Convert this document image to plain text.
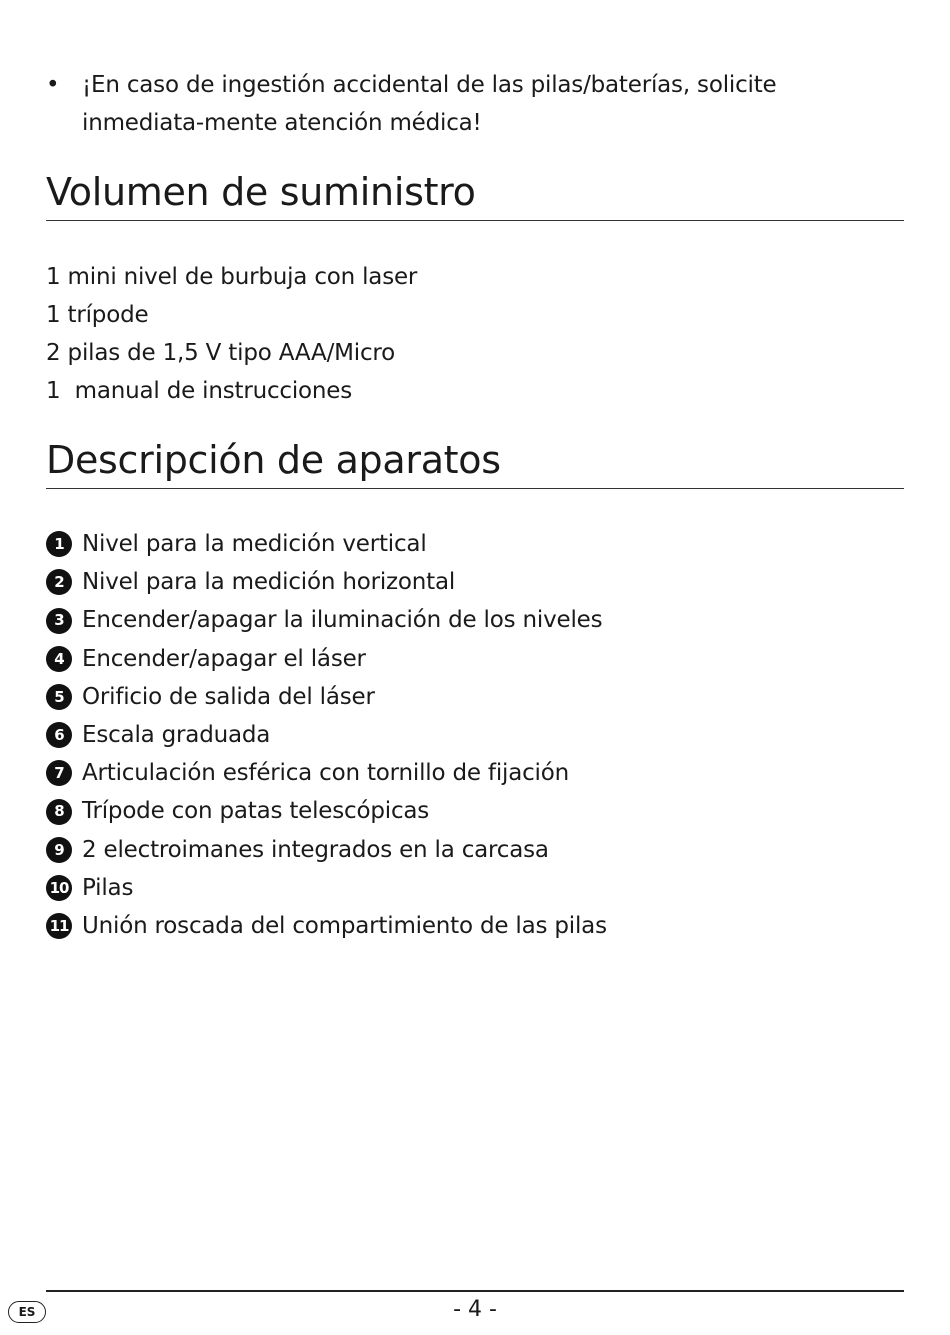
• ¡En caso de ingestión accidental de las pilas/baterías, solicite inmediata-mente atención médica!
Volumen de suministro
1 mini nivel de burbuja con laser
1 trípode
2 pilas de 1,5 V tipo AAA/Micro
1  manual de instrucciones
Descripción de aparatos
1 Nivel para la medición vertical
2 Nivel para la medición horizontal
3 Encender/apagar la iluminación de los niveles
4 Encender/apagar el láser
5 Orificio de salida del láser
6 Escala graduada
7 Articulación esférica con tornillo de fijación
8 Trípode con patas telescópicas
9 2 electroimanes integrados en la carcasa
10 Pilas
11 Unión roscada del compartimiento de las pilas
ES	- 4 -
